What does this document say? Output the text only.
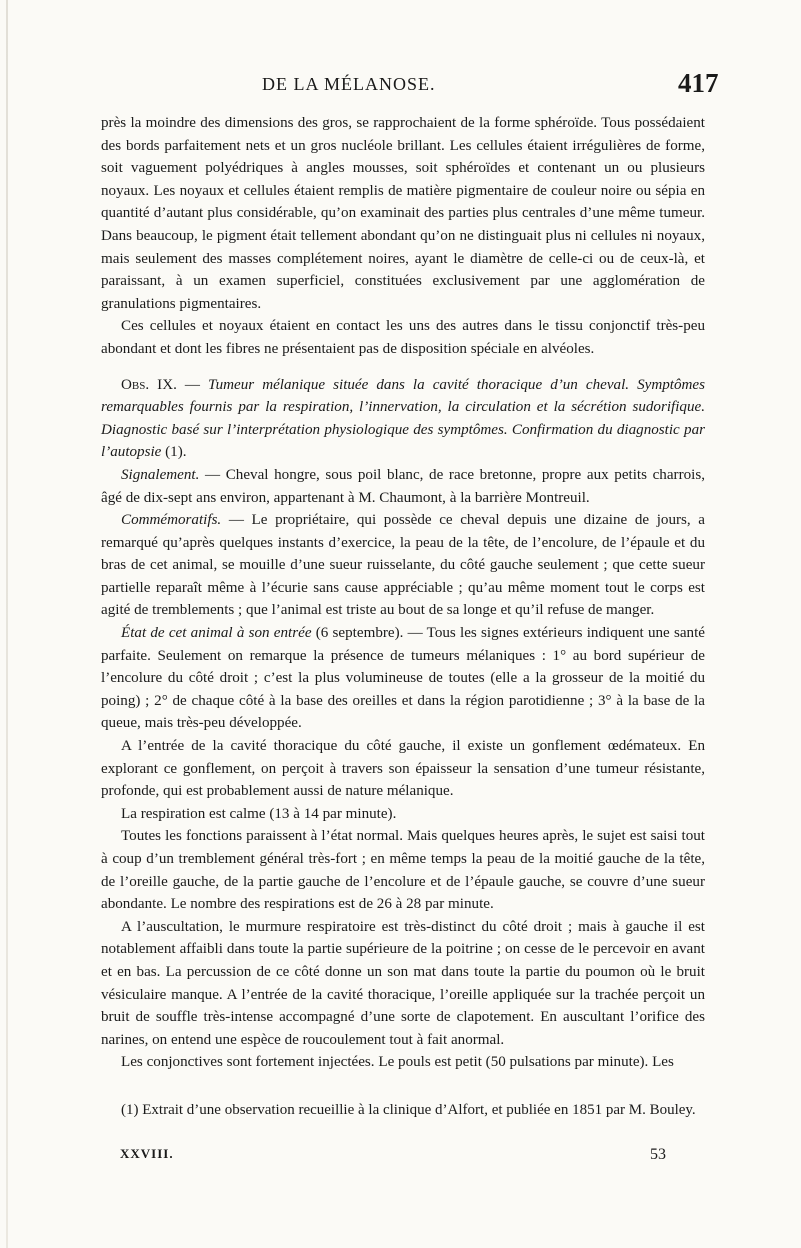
DE LA MÉLANOSE.	417

près la moindre des dimensions des gros, se rapprochaient de la forme sphéroïde. Tous possédaient des bords parfaitement nets et un gros nucléole brillant. Les cellules étaient irrégulières de forme, soit vaguement polyédriques à angles mousses, soit sphéroïdes et contenant un ou plusieurs noyaux. Les noyaux et cellules étaient remplis de matière pigmentaire de couleur noire ou sépia en quantité d’autant plus considérable, qu’on examinait des parties plus centrales d’une même tumeur. Dans beaucoup, le pigment était tellement abondant qu’on ne distinguait plus ni cellules ni noyaux, mais seulement des masses complétement noires, ayant le diamètre de celle-ci ou de ceux-là, et paraissant, à un examen superficiel, constituées exclusivement par une agglomération de granulations pigmentaires.

Ces cellules et noyaux étaient en contact les uns des autres dans le tissu conjonctif très-peu abondant et dont les fibres ne présentaient pas de disposition spéciale en alvéoles.

Obs. IX. — Tumeur mélanique située dans la cavité thoracique d’un cheval. Symptômes remarquables fournis par la respiration, l’innervation, la circulation et la sécrétion sudorifique. Diagnostic basé sur l’interprétation physiologique des symptômes. Confirmation du diagnostic par l’autopsie (1).

Signalement. — Cheval hongre, sous poil blanc, de race bretonne, propre aux petits charrois, âgé de dix-sept ans environ, appartenant à M. Chaumont, à la barrière Montreuil.

Commémoratifs. — Le propriétaire, qui possède ce cheval depuis une dizaine de jours, a remarqué qu’après quelques instants d’exercice, la peau de la tête, de l’encolure, de l’épaule et du bras de cet animal, se mouille d’une sueur ruisselante, du côté gauche seulement ; que cette sueur partielle reparaît même à l’écurie sans cause appréciable ; qu’au même moment tout le corps est agité de tremblements ; que l’animal est triste au bout de sa longe et qu’il refuse de manger.

État de cet animal à son entrée (6 septembre). — Tous les signes extérieurs indiquent une santé parfaite. Seulement on remarque la présence de tumeurs mélaniques : 1° au bord supérieur de l’encolure du côté droit ; c’est la plus volumineuse de toutes (elle a la grosseur de la moitié du poing) ; 2° de chaque côté à la base des oreilles et dans la région parotidienne ; 3° à la base de la queue, mais très-peu développée.

A l’entrée de la cavité thoracique du côté gauche, il existe un gonflement œdémateux. En explorant ce gonflement, on perçoit à travers son épaisseur la sensation d’une tumeur résistante, profonde, qui est probablement aussi de nature mélanique.

La respiration est calme (13 à 14 par minute).

Toutes les fonctions paraissent à l’état normal. Mais quelques heures après, le sujet est saisi tout à coup d’un tremblement général très-fort ; en même temps la peau de la moitié gauche de la tête, de l’oreille gauche, de la partie gauche de l’encolure et de l’épaule gauche, se couvre d’une sueur abondante. Le nombre des respirations est de 26 à 28 par minute.

A l’auscultation, le murmure respiratoire est très-distinct du côté droit ; mais à gauche il est notablement affaibli dans toute la partie supérieure de la poitrine ; on cesse de le percevoir en avant et en bas. La percussion de ce côté donne un son mat dans toute la partie du poumon où le bruit vésiculaire manque. A l’entrée de la cavité thoracique, l’oreille appliquée sur la trachée perçoit un bruit de souffle très-intense accompagné d’une sorte de clapotement. En auscultant l’orifice des narines, on entend une espèce de roucoulement tout à fait anormal.

Les conjonctives sont fortement injectées. Le pouls est petit (50 pulsations par minute). Les

(1) Extrait d’une observation recueillie à la clinique d’Alfort, et publiée en 1851 par M. Bouley.

XXVIII.	53
